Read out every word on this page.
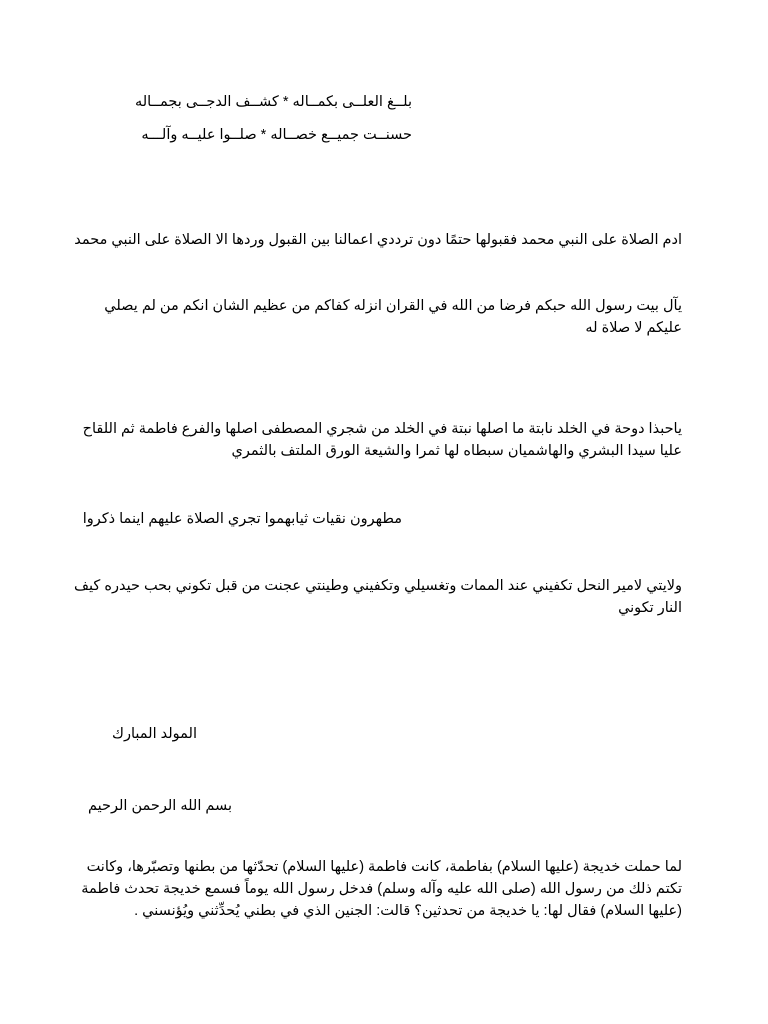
بلــغ العلــى بكمــاله * كشــف الدجــى بجمــاله
حسنــت جميــع خصــاله * صلــوا عليــه وآلـــه
ادم الصلاة على النبي محمد فقبولها حتمًا دون ترددي اعمالنا بين القبول وردها الا الصلاة على النبي محمد
يآل بيت رسول الله حبكم فرضا من الله في القران انزله كفاكم من عظيم الشان انكم من لم يصلي عليكم لا صلاة له
ياحبذا دوحة في الخلد نابتة ما اصلها نبتة في الخلد من شجري المصطفى اصلها والفرع فاطمة ثم اللقاح عليا سيدا البشري والهاشميان سبطاه لها ثمرا والشيعة الورق الملتف بالثمري
مطهرون نقيات ثيابهموا تجري الصلاة عليهم اينما ذكروا
ولايتي لامير النحل تكفيني عند الممات وتغسيلي وتكفيني وطينتي عجنت من قبل تكوني بحب حيدره كيف النار تكوني
المولد المبارك
بسم الله الرحمن الرحيم
لما حملت خديجة (عليها السلام) بفاطمة، كانت فاطمة (عليها السلام) تحدّثها من بطنها وتصبّرها، وكانت تكتم ذلك من رسول الله (صلى الله عليه وآله وسلم) فدخل رسول الله يوماً فسمع خديجة تحدث فاطمة (عليها السلام) فقال لها: يا خديجة من تحدثين؟ قالت: الجنين الذي في بطني يُحدِّثني ويُؤنسني .
